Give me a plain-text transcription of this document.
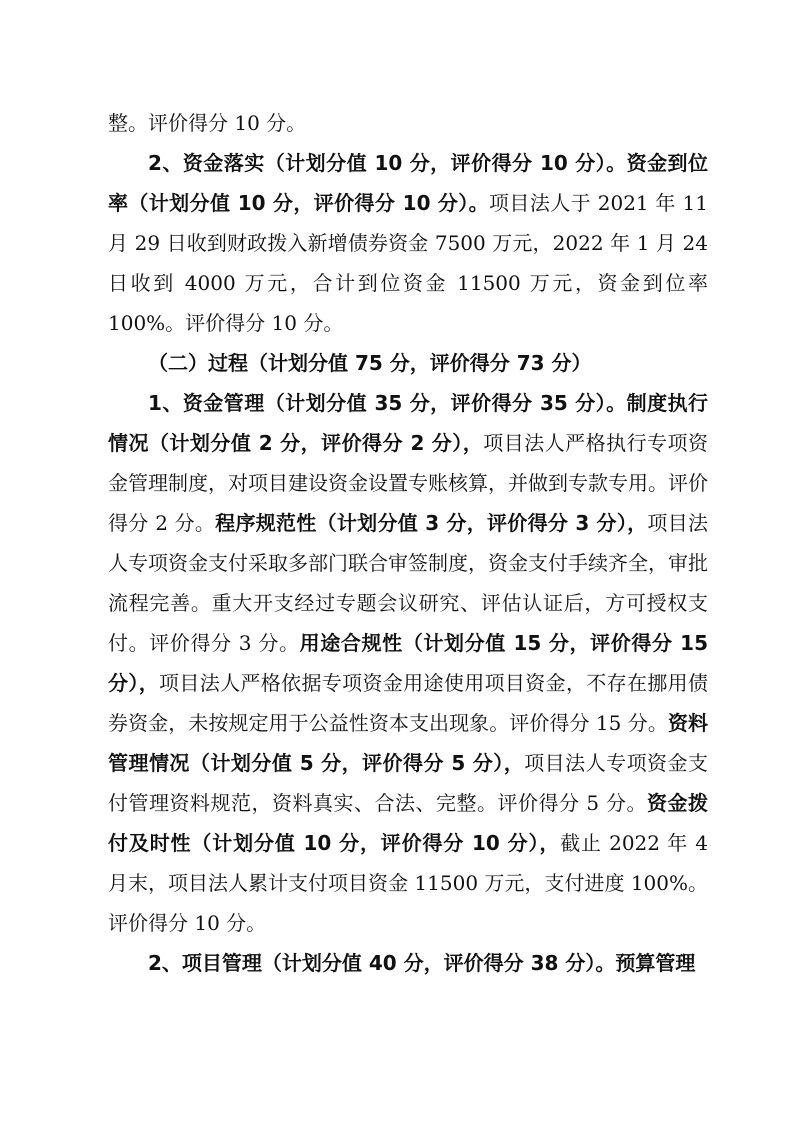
整。评价得分 10 分。

2、资金落实（计划分值 10 分，评价得分 10 分）。资金到位率（计划分值 10 分，评价得分 10 分）。项目法人于 2021 年 11 月 29 日收到财政拨入新增债券资金 7500 万元，2022 年 1 月 24 日收到 4000 万元，合计到位资金 11500 万元，资金到位率 100%。评价得分 10 分。

（二）过程（计划分值 75 分，评价得分 73 分）

1、资金管理（计划分值 35 分，评价得分 35 分）。制度执行情况（计划分值 2 分，评价得分 2 分），项目法人严格执行专项资金管理制度，对项目建设资金设置专账核算，并做到专款专用。评价得分 2 分。程序规范性（计划分值 3 分，评价得分 3 分），项目法人专项资金支付采取多部门联合审签制度，资金支付手续齐全，审批流程完善。重大开支经过专题会议研究、评估认证后，方可授权支付。评价得分 3 分。用途合规性（计划分值 15 分，评价得分 15 分），项目法人严格依据专项资金用途使用项目资金，不存在挪用债券资金，未按规定用于公益性资本支出现象。评价得分 15 分。资料管理情况（计划分值 5 分，评价得分 5 分），项目法人专项资金支付管理资料规范，资料真实、合法、完整。评价得分 5 分。资金拨付及时性（计划分值 10 分，评价得分 10 分），截止 2022 年 4 月末，项目法人累计支付项目资金 11500 万元，支付进度 100%。评价得分 10 分。

2、项目管理（计划分值 40 分，评价得分 38 分）。预算管理
